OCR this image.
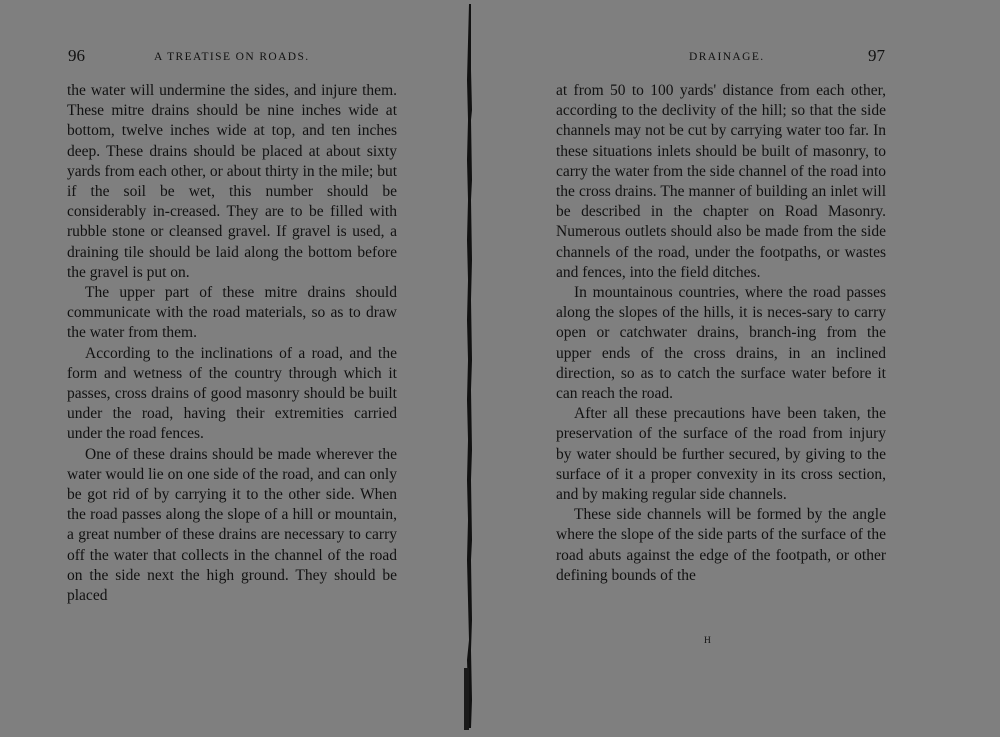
96	A TREATISE ON ROADS.

the water will undermine the sides, and injure them. These mitre drains should be nine inches wide at bottom, twelve inches wide at top, and ten inches deep. These drains should be placed at about sixty yards from each other, or about thirty in the mile; but if the soil be wet, this number should be considerably in-creased. They are to be filled with rubble stone or cleansed gravel. If gravel is used, a draining tile should be laid along the bottom before the gravel is put on.

The upper part of these mitre drains should communicate with the road materials, so as to draw the water from them.

According to the inclinations of a road, and the form and wetness of the country through which it passes, cross drains of good masonry should be built under the road, having their extremities carried under the road fences.

One of these drains should be made wherever the water would lie on one side of the road, and can only be got rid of by carrying it to the other side. When the road passes along the slope of a hill or mountain, a great number of these drains are necessary to carry off the water that collects in the channel of the road on the side next the high ground. They should be placed

DRAINAGE.	97

at from 50 to 100 yards' distance from each other, according to the declivity of the hill; so that the side channels may not be cut by carrying water too far. In these situations inlets should be built of masonry, to carry the water from the side channel of the road into the cross drains. The manner of building an inlet will be described in the chapter on Road Masonry. Numerous outlets should also be made from the side channels of the road, under the footpaths, or wastes and fences, into the field ditches.

In mountainous countries, where the road passes along the slopes of the hills, it is neces-sary to carry open or catchwater drains, branch-ing from the upper ends of the cross drains, in an inclined direction, so as to catch the surface water before it can reach the road.

After all these precautions have been taken, the preservation of the surface of the road from injury by water should be further secured, by giving to the surface of it a proper convexity in its cross section, and by making regular side channels.

These side channels will be formed by the angle where the slope of the side parts of the surface of the road abuts against the edge of the footpath, or other defining bounds of the

H
